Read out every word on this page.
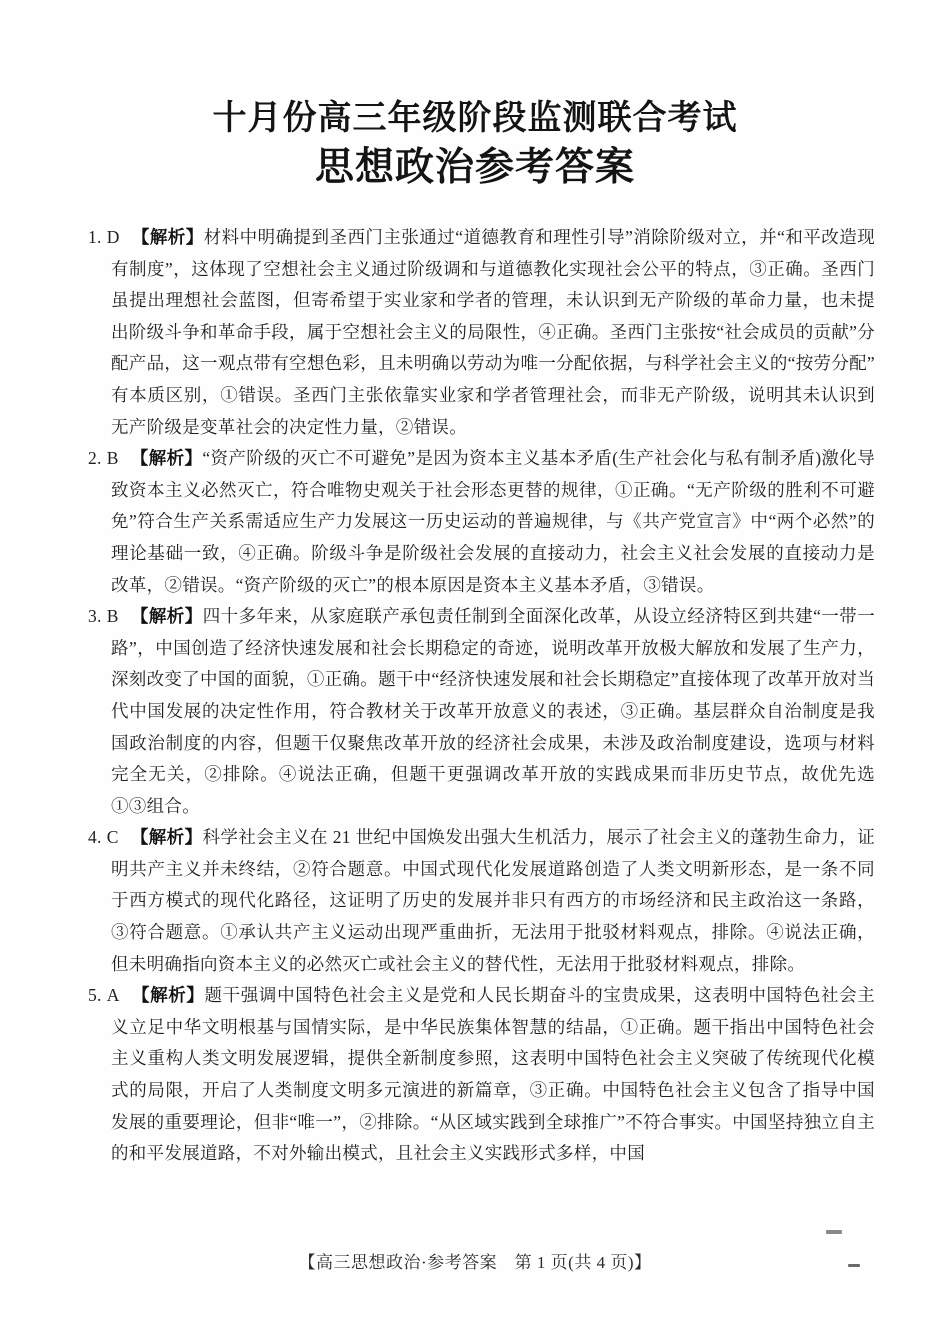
十月份高三年级阶段监测联合考试
思想政治参考答案

1. D 【解析】材料中明确提到圣西门主张通过“道德教育和理性引导”消除阶级对立，并“和平改造现有制度”，这体现了空想社会主义通过阶级调和与道德教化实现社会公平的特点，③正确。圣西门虽提出理想社会蓝图，但寄希望于实业家和学者的管理，未认识到无产阶级的革命力量，也未提出阶级斗争和革命手段，属于空想社会主义的局限性，④正确。圣西门主张按“社会成员的贡献”分配产品，这一观点带有空想色彩，且未明确以劳动为唯一分配依据，与科学社会主义的“按劳分配”有本质区别，①错误。圣西门主张依靠实业家和学者管理社会，而非无产阶级，说明其未认识到无产阶级是变革社会的决定性力量，②错误。

2. B 【解析】“资产阶级的灭亡不可避免”是因为资本主义基本矛盾(生产社会化与私有制矛盾)激化导致资本主义必然灭亡，符合唯物史观关于社会形态更替的规律，①正确。“无产阶级的胜利不可避免”符合生产关系需适应生产力发展这一历史运动的普遍规律，与《共产党宣言》中“两个必然”的理论基础一致，④正确。阶级斗争是阶级社会发展的直接动力，社会主义社会发展的直接动力是改革，②错误。“资产阶级的灭亡”的根本原因是资本主义基本矛盾，③错误。

3. B 【解析】四十多年来，从家庭联产承包责任制到全面深化改革，从设立经济特区到共建“一带一路”，中国创造了经济快速发展和社会长期稳定的奇迹，说明改革开放极大解放和发展了生产力，深刻改变了中国的面貌，①正确。题干中“经济快速发展和社会长期稳定”直接体现了改革开放对当代中国发展的决定性作用，符合教材关于改革开放意义的表述，③正确。基层群众自治制度是我国政治制度的内容，但题干仅聚焦改革开放的经济社会成果，未涉及政治制度建设，选项与材料完全无关，②排除。④说法正确，但题干更强调改革开放的实践成果而非历史节点，故优先选①③组合。

4. C 【解析】科学社会主义在 21 世纪中国焕发出强大生机活力，展示了社会主义的蓬勃生命力，证明共产主义并未终结，②符合题意。中国式现代化发展道路创造了人类文明新形态，是一条不同于西方模式的现代化路径，这证明了历史的发展并非只有西方的市场经济和民主政治这一条路，③符合题意。①承认共产主义运动出现严重曲折，无法用于批驳材料观点，排除。④说法正确，但未明确指向资本主义的必然灭亡或社会主义的替代性，无法用于批驳材料观点，排除。

5. A 【解析】题干强调中国特色社会主义是党和人民长期奋斗的宝贵成果，这表明中国特色社会主义立足中华文明根基与国情实际，是中华民族集体智慧的结晶，①正确。题干指出中国特色社会主义重构人类文明发展逻辑，提供全新制度参照，这表明中国特色社会主义突破了传统现代化模式的局限，开启了人类制度文明多元演进的新篇章，③正确。中国特色社会主义包含了指导中国发展的重要理论，但非“唯一”，②排除。“从区域实践到全球推广”不符合事实。中国坚持独立自主的和平发展道路，不对外输出模式，且社会主义实践形式多样，中国

【高三思想政治·参考答案　第 1 页(共 4 页)】
